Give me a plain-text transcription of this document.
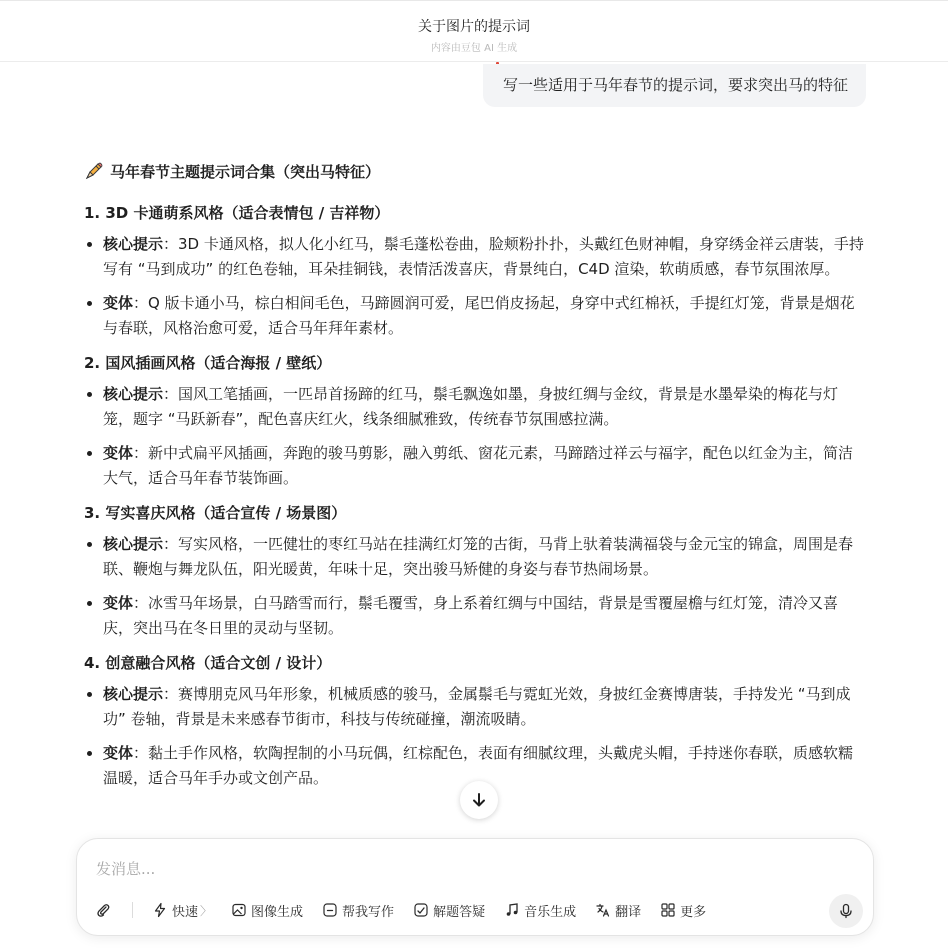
关于图片的提示词
内容由豆包 AI 生成
写一些适用于马年春节的提示词，要求突出马的特征
马年春节主题提示词合集（突出马特征）
1. 3D 卡通萌系风格（适合表情包 / 吉祥物）
核心提示：3D 卡通风格，拟人化小红马，鬃毛蓬松卷曲，脸颊粉扑扑，头戴红色财神帽，身穿绣金祥云唐装，手持写有 “马到成功” 的红色卷轴，耳朵挂铜钱，表情活泼喜庆，背景纯白，C4D 渲染，软萌质感，春节氛围浓厚。
变体：Q 版卡通小马，棕白相间毛色，马蹄圆润可爱，尾巴俏皮扬起，身穿中式红棉袄，手提红灯笼，背景是烟花与春联，风格治愈可爱，适合马年拜年素材。
2. 国风插画风格（适合海报 / 壁纸）
核心提示：国风工笔插画，一匹昂首扬蹄的红马，鬃毛飘逸如墨，身披红绸与金纹，背景是水墨晕染的梅花与灯笼，题字 “马跃新春”，配色喜庆红火，线条细腻雅致，传统春节氛围感拉满。
变体：新中式扁平风插画，奔跑的骏马剪影，融入剪纸、窗花元素，马蹄踏过祥云与福字，配色以红金为主，简洁大气，适合马年春节装饰画。
3. 写实喜庆风格（适合宣传 / 场景图）
核心提示：写实风格，一匹健壮的枣红马站在挂满红灯笼的古街，马背上驮着装满福袋与金元宝的锦盒，周围是春联、鞭炮与舞龙队伍，阳光暖黄，年味十足，突出骏马矫健的身姿与春节热闹场景。
变体：冰雪马年场景，白马踏雪而行，鬃毛覆雪，身上系着红绸与中国结，背景是雪覆屋檐与红灯笼，清冷又喜庆，突出马在冬日里的灵动与坚韧。
4. 创意融合风格（适合文创 / 设计）
核心提示：赛博朋克风马年形象，机械质感的骏马，金属鬃毛与霓虹光效，身披红金赛博唐装，手持发光 “马到成功” 卷轴，背景是未来感春节街市，科技与传统碰撞，潮流吸睛。
变体：黏土手作风格，软陶捏制的小马玩偶，红棕配色，表面有细腻纹理，头戴虎头帽，手持迷你春联，质感软糯温暖，适合马年手办或文创产品。
发消息...
快速 〉	图像生成	帮我写作	解题答疑	音乐生成	翻译	更多
